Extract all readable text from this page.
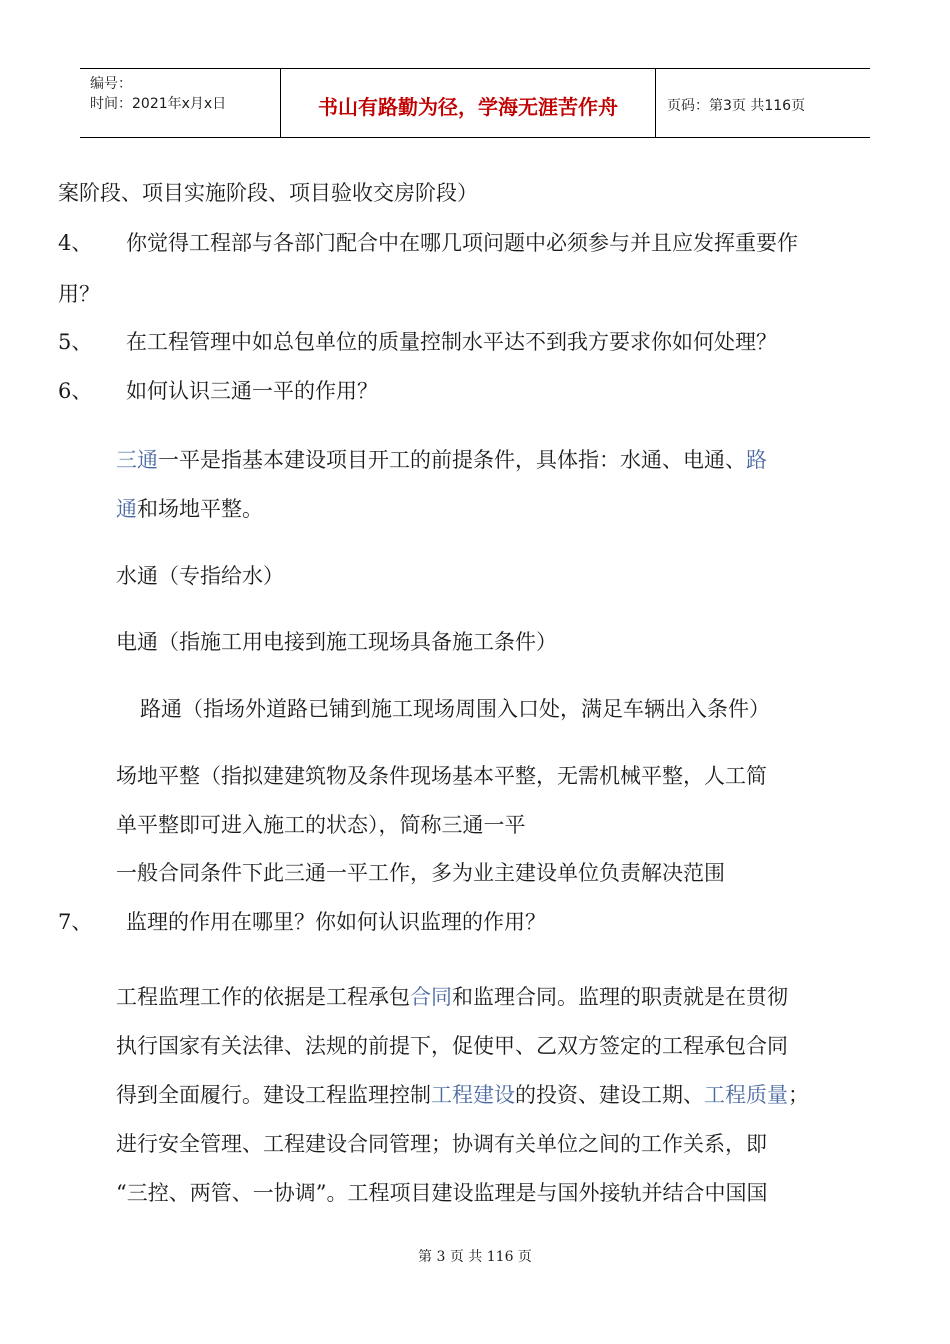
编号：
时间：2021年x月x日	书山有路勤为径，学海无涯苦作舟	页码：第3页 共116页
案阶段、项目实施阶段、项目验收交房阶段）
4、 你觉得工程部与各部门配合中在哪几项问题中必须参与并且应发挥重要作
用？
5、 在工程管理中如总包单位的质量控制水平达不到我方要求你如何处理？
6、 如何认识三通一平的作用？
三通一平是指基本建设项目开工的前提条件，具体指：水通、电通、路
通和场地平整。
水通（专指给水）
电通（指施工用电接到施工现场具备施工条件）
路通（指场外道路已铺到施工现场周围入口处，满足车辆出入条件）
场地平整（指拟建建筑物及条件现场基本平整，无需机械平整，人工简
单平整即可进入施工的状态），简称三通一平
一般合同条件下此三通一平工作，多为业主建设单位负责解决范围
7、 监理的作用在哪里？你如何认识监理的作用？
工程监理工作的依据是工程承包合同和监理合同。监理的职责就是在贯彻
执行国家有关法律、法规的前提下，促使甲、乙双方签定的工程承包合同
得到全面履行。建设工程监理控制工程建设的投资、建设工期、工程质量；
进行安全管理、工程建设合同管理；协调有关单位之间的工作关系，即
“三控、两管、一协调”。工程项目建设监理是与国外接轨并结合中国国
第 3 页 共 116 页
